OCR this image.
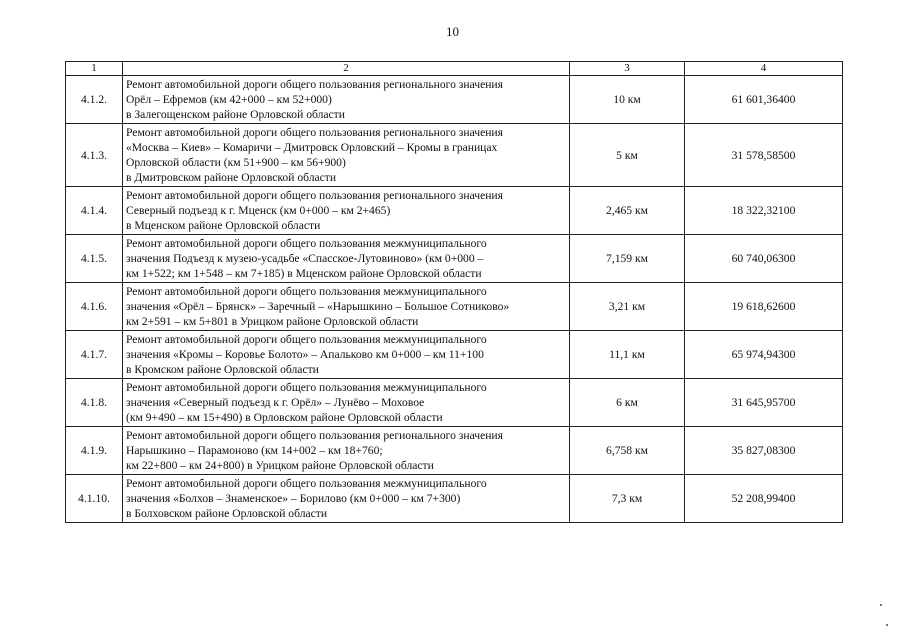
10
1	2	3	4
4.1.2.	Ремонт автомобильной дороги общего пользования регионального значения
Орёл – Ефремов (км 42+000 – км 52+000)
в Залегощенском районе Орловской области	10 км	61 601,36400
4.1.3.	Ремонт автомобильной дороги общего пользования регионального значения
«Москва – Киев» – Комаричи – Дмитровск Орловский – Кромы в границах
Орловской области (км 51+900 – км 56+900)
в Дмитровском районе Орловской области	5 км	31 578,58500
4.1.4.	Ремонт автомобильной дороги общего пользования регионального значения
Северный подъезд к г. Мценск (км 0+000 – км 2+465)
в Мценском районе Орловской области	2,465 км	18 322,32100
4.1.5.	Ремонт автомобильной дороги общего пользования межмуниципального
значения Подъезд к музею-усадьбе «Спасское-Лутовиново» (км 0+000 –
км 1+522; км 1+548 – км 7+185) в Мценском районе Орловской области	7,159 км	60 740,06300
4.1.6.	Ремонт автомобильной дороги общего пользования межмуниципального
значения «Орёл – Брянск» – Заречный – «Нарышкино – Большое Сотниково»
км 2+591 – км 5+801 в Урицком районе Орловской области	3,21 км	19 618,62600
4.1.7.	Ремонт автомобильной дороги общего пользования межмуниципального
значения «Кромы – Коровье Болото» – Апальково км 0+000 – км 11+100
в Кромском районе Орловской области	11,1 км	65 974,94300
4.1.8.	Ремонт автомобильной дороги общего пользования межмуниципального
значения «Северный подъезд к г. Орёл» – Лунёво – Моховое
(км 9+490 – км 15+490) в Орловском районе Орловской области	6 км	31 645,95700
4.1.9.	Ремонт автомобильной дороги общего пользования регионального значения
Нарышкино – Парамоново (км 14+002 – км 18+760;
км 22+800 – км 24+800) в Урицком районе Орловской области	6,758 км	35 827,08300
4.1.10.	Ремонт автомобильной дороги общего пользования межмуниципального
значения «Болхов – Знаменское» – Борилово (км 0+000 – км 7+300)
в Болховском районе Орловской области	7,3 км	52 208,99400
